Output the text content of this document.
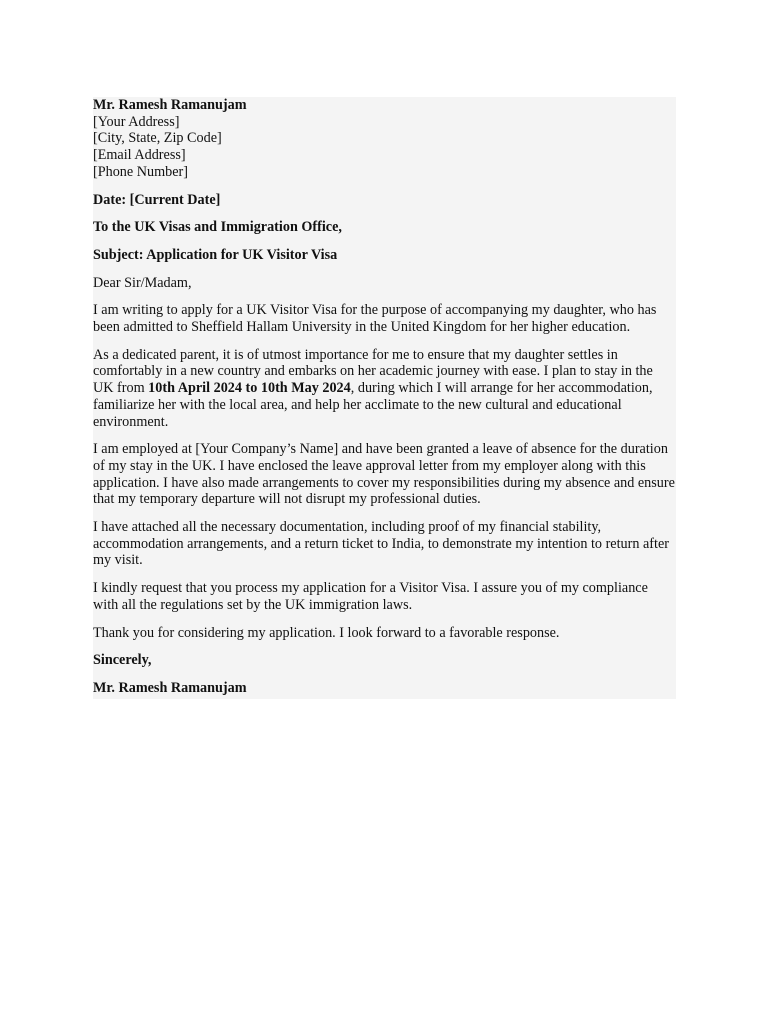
Mr. Ramesh Ramanujam
[Your Address]
[City, State, Zip Code]
[Email Address]
[Phone Number]

Date: [Current Date]

To the UK Visas and Immigration Office,

Subject: Application for UK Visitor Visa

Dear Sir/Madam,

I am writing to apply for a UK Visitor Visa for the purpose of accompanying my daughter, who has been admitted to Sheffield Hallam University in the United Kingdom for her higher education.

As a dedicated parent, it is of utmost importance for me to ensure that my daughter settles in comfortably in a new country and embarks on her academic journey with ease. I plan to stay in the UK from 10th April 2024 to 10th May 2024, during which I will arrange for her accommodation, familiarize her with the local area, and help her acclimate to the new cultural and educational environment.

I am employed at [Your Company’s Name] and have been granted a leave of absence for the duration of my stay in the UK. I have enclosed the leave approval letter from my employer along with this application. I have also made arrangements to cover my responsibilities during my absence and ensure that my temporary departure will not disrupt my professional duties.

I have attached all the necessary documentation, including proof of my financial stability, accommodation arrangements, and a return ticket to India, to demonstrate my intention to return after my visit.

I kindly request that you process my application for a Visitor Visa. I assure you of my compliance with all the regulations set by the UK immigration laws.

Thank you for considering my application. I look forward to a favorable response.

Sincerely,

Mr. Ramesh Ramanujam
